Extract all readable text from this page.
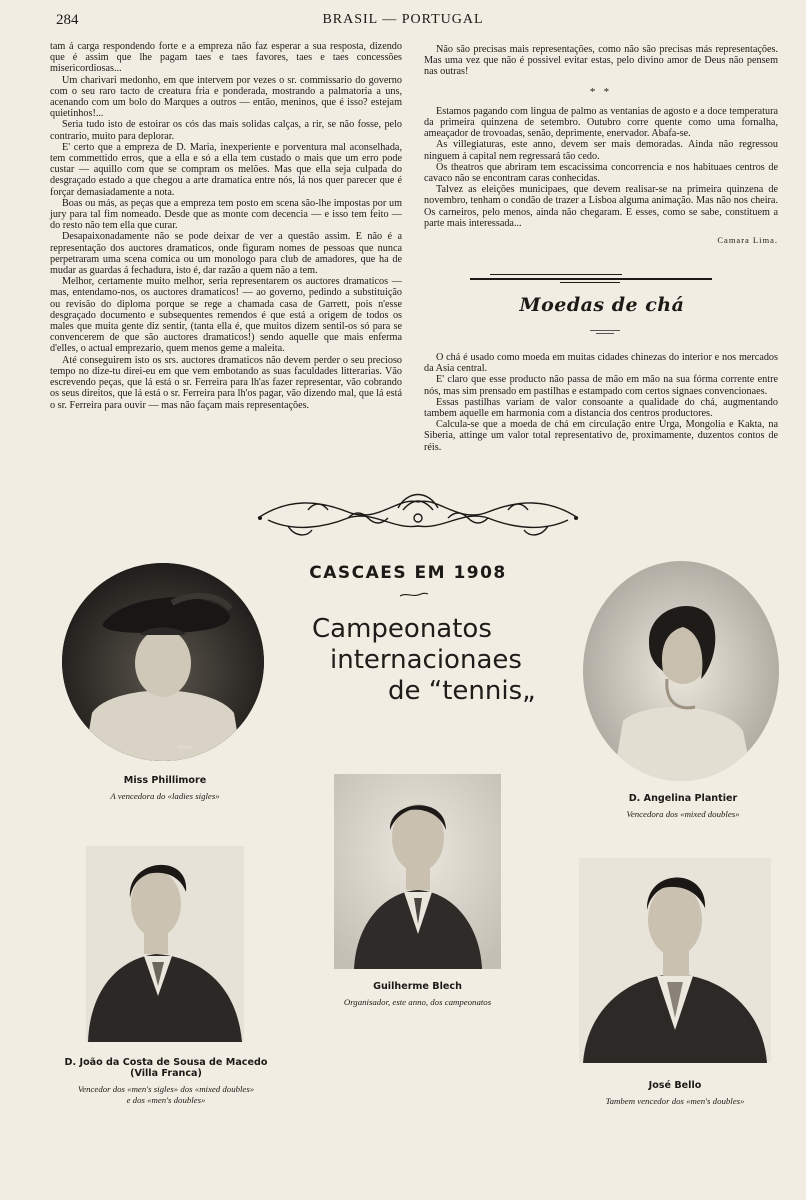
284	BRASIL — PORTUGAL

tam á carga respondendo forte e a empreza não faz esperar a sua resposta, dizendo que é assim que lhe pagam taes e taes favores, taes e taes concessões misericordiosas...

Um charivari medonho, em que intervem por vezes o sr. commissario do governo com o seu raro tacto de creatura fria e ponderada, mostrando a palmatoria a uns, acenando com um bolo do Marques a outros — então, meninos, que é isso? estejam quietinhos!...

Seria tudo isto de estoirar os cós das mais solidas calças, a rir, se não fosse, pelo contrario, muito para deplorar.

E' certo que a empreza de D. Maria, inexperiente e porventura mal aconselhada, tem commettido erros, que a ella e só a ella tem custado o mais que um erro pode custar — aquillo com que se compram os melões. Mas que ella seja culpada do desgraçado estado a que chegou a arte dramatica entre nós, lá nos quer parecer que é forçar demasiadamente a nota.

Boas ou más, as peças que a empreza tem posto em scena são-lhe impostas por um jury para tal fim nomeado. Desde que as monte com decencia — e isso tem feito — do resto não tem ella que curar.

Desapaixonadamente não se pode deixar de ver a questão assim. E não é a representação dos auctores dramaticos, onde figuram nomes de pessoas que nunca perpetraram uma scena comica ou um monologo para club de amadores, que ha de mudar as guardas á fechadura, isto é, dar razão a quem não a tem.

Melhor, certamente muito melhor, seria representarem os auctores dramaticos — mas, entendamo-nos, os auctores dramaticos! — ao governo, pedindo a substituição ou revisão do diploma porque se rege a chamada casa de Garrett, pois n'esse desgraçado documento e subsequentes remendos é que está a origem de todos os males que muita gente diz sentir, (tanta ella é, que muitos dizem sentil-os só para se convencerem de que são auctores dramaticos!) sendo aquelle que mais enferma d'elles, o actual emprezario, quem menos geme a maleita.

Até conseguirem isto os srs. auctores dramaticos não devem perder o seu precioso tempo no dize-tu direi-eu em que vem embotando as suas faculdades litterarias. Vão escrevendo peças, que lá está o sr. Ferreira para lh'as fazer representar, vão cobrando os seus direitos, que lá está o sr. Ferreira para lh'os pagar, vão dizendo mal, que lá está o sr. Ferreira para ouvir — mas não façam mais representações.

Não são precisas mais representações, como não são precisas más representações. Mas uma vez que não é possivel evitar estas, pelo divino amor de Deus não pensem nas outras!

* *

Estamos pagando com lingua de palmo as ventanias de agosto e a doce temperatura da primeira quinzena de setembro. Outubro corre quente como uma fornalha, ameaçador de trovoadas, senão, deprimente, enervador. Abafa-se.

As villegiaturas, este anno, devem ser mais demoradas. Ainda não regressou ninguem á capital nem regressará tão cedo.

Os theatros que abriram tem escacissima concorrencia e nos habituaes centros de cavaco não se encontram caras conhecidas.

Talvez as eleições municipaes, que devem realisar-se na primeira quinzena de novembro, tenham o condão de trazer a Lisboa alguma animação. Mas não nos cheira. Os carneiros, pelo menos, ainda não chegaram. E esses, como se sabe, constituem a parte mais interessada...

Camara Lima.
Moedas de chá

O chá é usado como moeda em muitas cidades chinezas do interior e nos mercados da Asia central.

E' claro que esse producto não passa de mão em mão na sua fórma corrente entre nós, mas sim prensado em pastilhas e estampado com certos signaes convencionaes.

Essas pastilhas variam de valor consoante a qualidade do chá, augmentando tambem aquelle em harmonia com a distancia dos centros productores.

Calcula-se que a moeda de chá em circulação entre Urga, Mongolia e Kakta, na Siberia, attinge um valor total representativo de, proximamente, duzentos contos de réis.

CASCAES EM 1908
Campeonatos
internacionaes
de “tennis„
Pirra
Miss Phillimore
A vencedora do «ladies sigles»	D. Angelina Plantier
Vencedora dos «mixed doubles»
Guilherme Blech
Organisador, este anno, dos campeonatos
D. João da Costa de Sousa de Macedo
(Villa Franca)
Vencedor dos «men's sigles» dos «mixed doubles»
e dos «men's doubles»
José Bello
Tambem vencedor dos «men's doubles»
